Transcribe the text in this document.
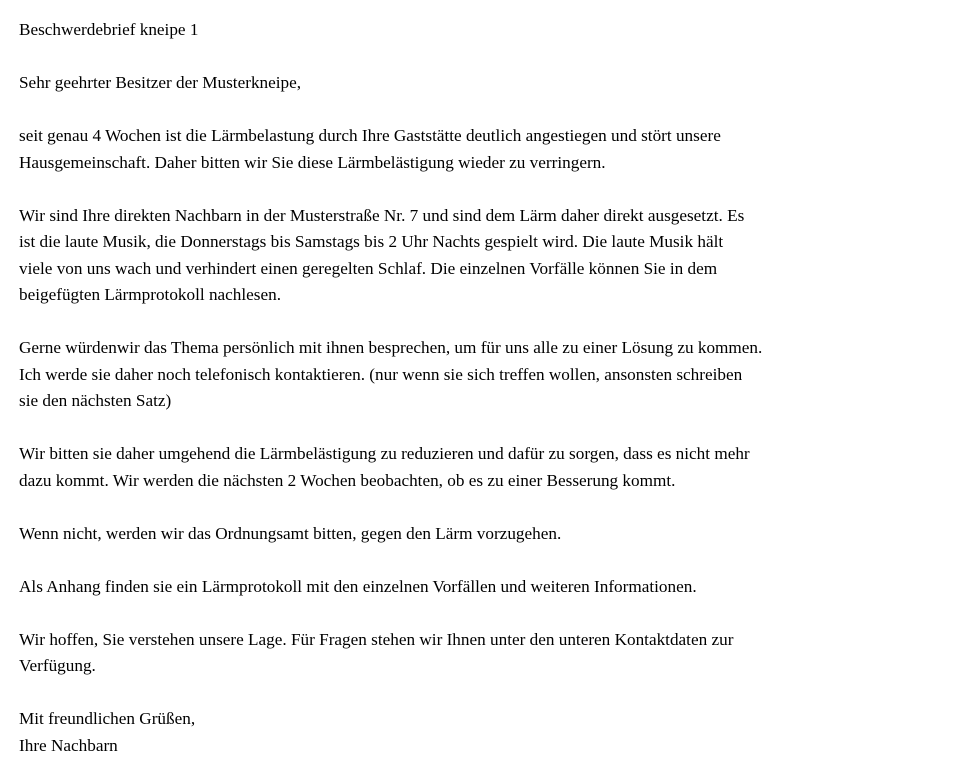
Beschwerdebrief kneipe 1

Sehr geehrter Besitzer der Musterkneipe,

seit genau 4 Wochen ist die Lärmbelastung durch Ihre Gaststätte deutlich angestiegen und stört unsere
Hausgemeinschaft. Daher bitten wir Sie diese Lärmbelästigung wieder zu verringern.

Wir sind Ihre direkten Nachbarn in der Musterstraße Nr. 7 und sind dem Lärm daher direkt ausgesetzt. Es
ist die laute Musik, die Donnerstags bis Samstags bis 2 Uhr Nachts gespielt wird. Die laute Musik hält
viele von uns wach und verhindert einen geregelten Schlaf. Die einzelnen Vorfälle können Sie in dem
beigefügten Lärmprotokoll nachlesen.

Gerne würdenwir das Thema persönlich mit ihnen besprechen, um für uns alle zu einer Lösung zu kommen.
Ich werde sie daher noch telefonisch kontaktieren. (nur wenn sie sich treffen wollen, ansonsten schreiben
sie den nächsten Satz)

Wir bitten sie daher umgehend die Lärmbelästigung zu reduzieren und dafür zu sorgen, dass es nicht mehr
dazu kommt. Wir werden die nächsten 2 Wochen beobachten, ob es zu einer Besserung kommt.

Wenn nicht, werden wir das Ordnungsamt bitten, gegen den Lärm vorzugehen.

Als Anhang finden sie ein Lärmprotokoll mit den einzelnen Vorfällen und weiteren Informationen.

Wir hoffen, Sie verstehen unsere Lage. Für Fragen stehen wir Ihnen unter den unteren Kontaktdaten zur
Verfügung.

Mit freundlichen Grüßen,
Ihre Nachbarn
